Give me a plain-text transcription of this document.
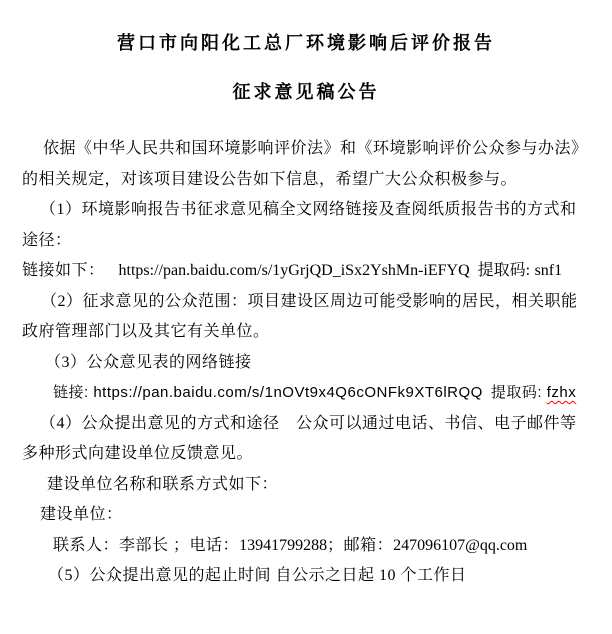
营口市向阳化工总厂环境影响后评价报告
征求意见稿公告

依据《中华人民共和国环境影响评价法》和《环境影响评价公众参与办法》的相关规定，对该项目建设公告如下信息，希望广大公众积极参与。

（1）环境影响报告书征求意见稿全文网络链接及查阅纸质报告书的方式和途径：

链接如下： https://pan.baidu.com/s/1yGrjQD_iSx2YshMn-iEFYQ 提取码: snf1

（2）征求意见的公众范围：项目建设区周边可能受影响的居民，相关职能政府管理部门以及其它有关单位。

（3）公众意见表的网络链接

链接: https://pan.baidu.com/s/1nOVt9x4Q6cONFk9XT6lRQQ 提取码: fzhx

（4）公众提出意见的方式和途径　公众可以通过电话、书信、电子邮件等多种形式向建设单位反馈意见。

建设单位名称和联系方式如下：

建设单位：

联系人：李部长 ；电话：13941799288；邮箱：247096107@qq.com

（5）公众提出意见的起止时间 自公示之日起 10 个工作日
